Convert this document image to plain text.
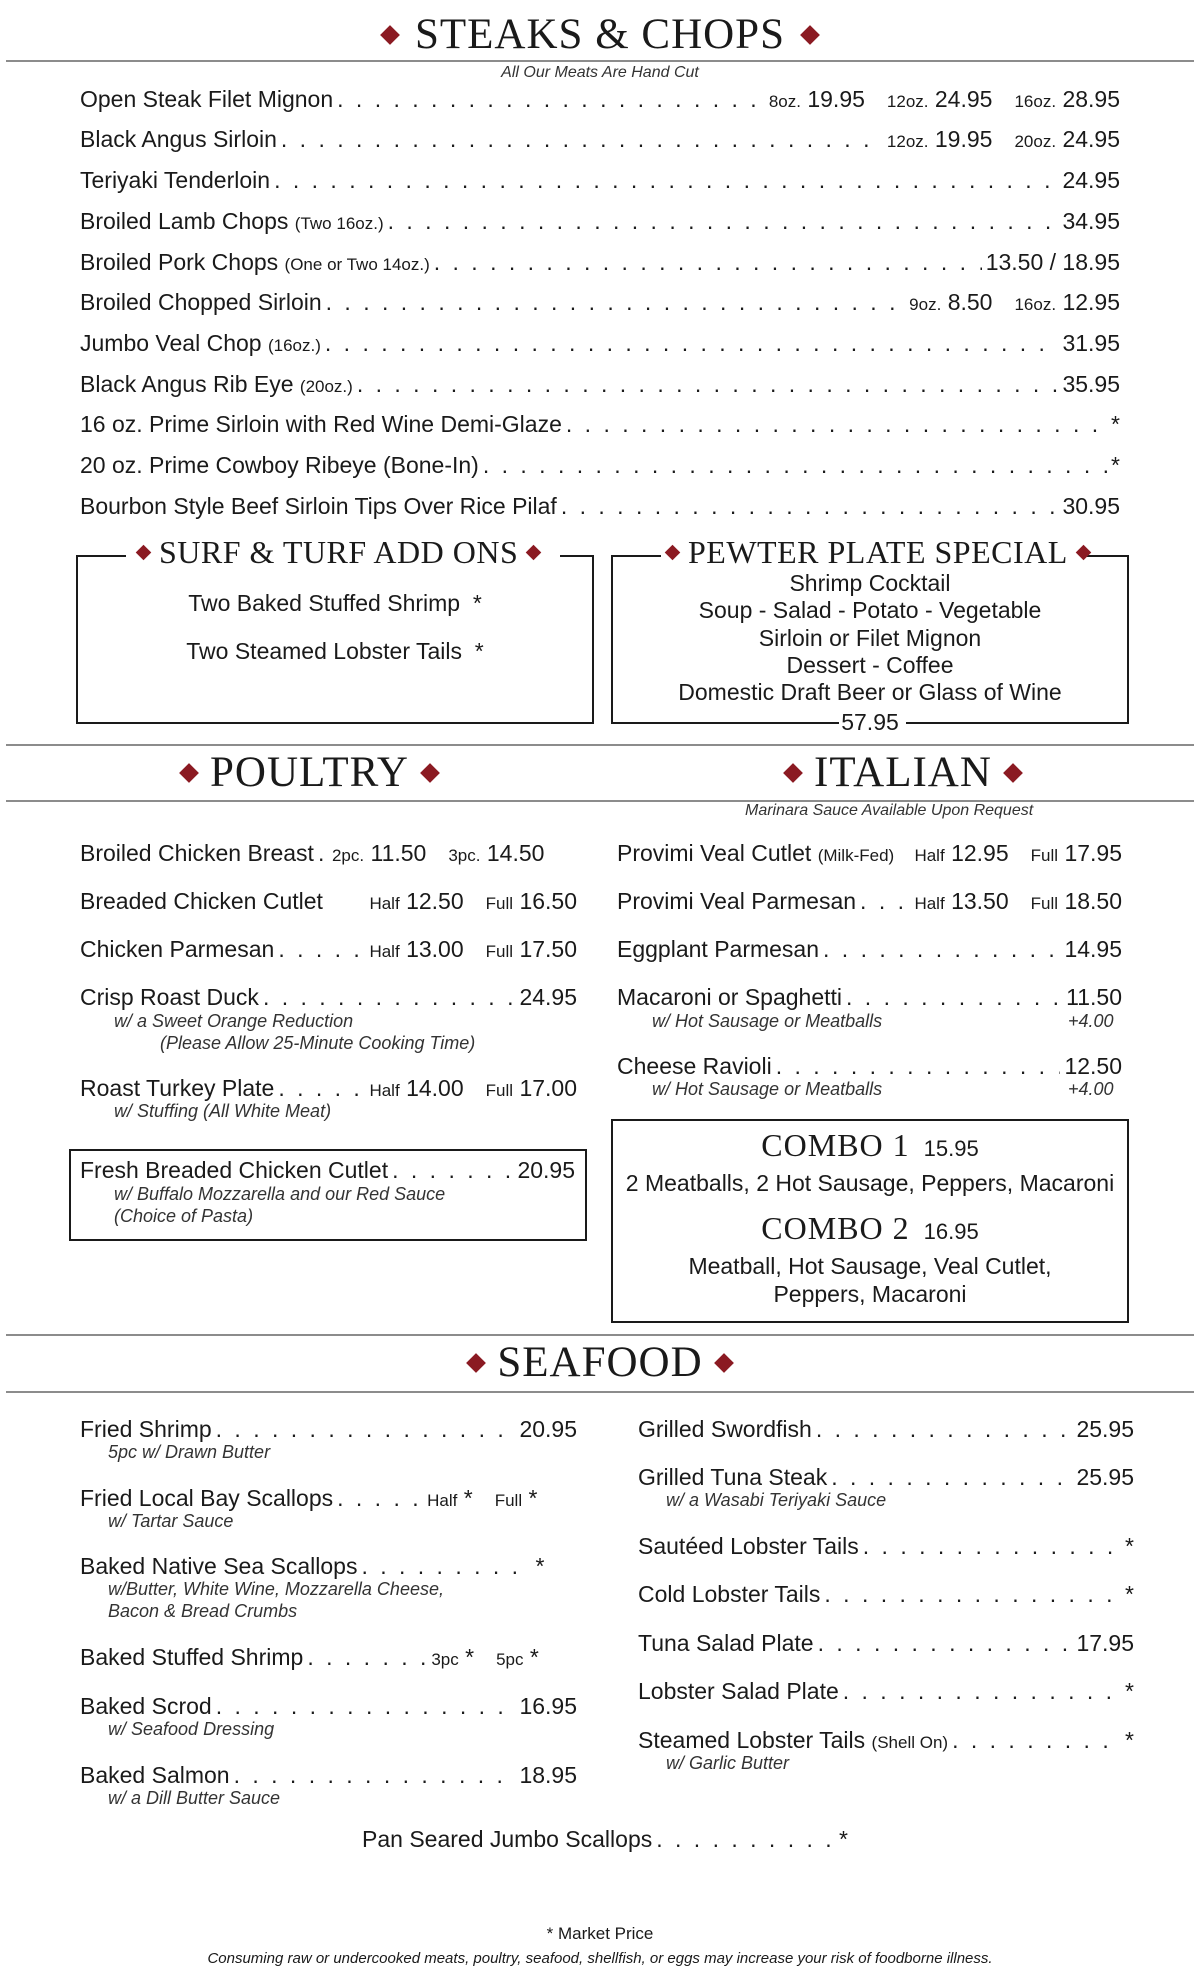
STEAKS & CHOPS
All Our Meats Are Hand Cut
Open Steak Filet Mignon . . .	8oz. 19.95 12oz. 24.95 16oz. 28.95
Black Angus Sirloin . . .	12oz. 19.95 20oz. 24.95
Teriyaki Tenderloin . . .	24.95
Broiled Lamb Chops (Two 16oz.) . . .	34.95
Broiled Pork Chops (One or Two 14oz.) . . .	13.50 / 18.95
Broiled Chopped Sirloin . . .	9oz. 8.50 16oz. 12.95
Jumbo Veal Chop (16oz.) . . .	31.95
Black Angus Rib Eye (20oz.) . . .	35.95
16 oz. Prime Sirloin with Red Wine Demi-Glaze . . .	*
20 oz. Prime Cowboy Ribeye (Bone-In) . . .	*
Bourbon Style Beef Sirloin Tips Over Rice Pilaf . . .	30.95
SURF & TURF ADD ONS
Two Baked Stuffed Shrimp *
Two Steamed Lobster Tails *
PEWTER PLATE SPECIAL
Shrimp Cocktail
Soup - Salad - Potato - Vegetable
Sirloin or Filet Mignon
Dessert - Coffee
Domestic Draft Beer or Glass of Wine
57.95
POULTRY	ITALIAN
Marinara Sauce Available Upon Request
Broiled Chicken Breast . . . 2pc. 11.50 3pc. 14.50
Breaded Chicken Cutlet	Half 12.50 Full 16.50
Chicken Parmesan . . .	Half 13.00 Full 17.50
Crisp Roast Duck . . .	24.95
w/ a Sweet Orange Reduction
(Please Allow 25-Minute Cooking Time)
Roast Turkey Plate . . .	Half 14.00 Full 17.00
w/ Stuffing (All White Meat)
Fresh Breaded Chicken Cutlet . . .	20.95
w/ Buffalo Mozzarella and our Red Sauce
(Choice of Pasta)
Provimi Veal Cutlet (Milk-Fed) Half 12.95 Full 17.95
Provimi Veal Parmesan . . .	Half 13.50 Full 18.50
Eggplant Parmesan . . .	14.95
Macaroni or Spaghetti . . .	11.50
w/ Hot Sausage or Meatballs	+4.00
Cheese Ravioli . . .	12.50
w/ Hot Sausage or Meatballs	+4.00
COMBO 1 15.95
2 Meatballs, 2 Hot Sausage, Peppers, Macaroni
COMBO 2 16.95
Meatball, Hot Sausage, Veal Cutlet,
Peppers, Macaroni
SEAFOOD
Fried Shrimp . . .	20.95
5pc w/ Drawn Butter
Fried Local Bay Scallops . . .	Half * Full *
w/ Tartar Sauce
Baked Native Sea Scallops . . .	*
w/Butter, White Wine, Mozzarella Cheese,
Bacon & Bread Crumbs
Baked Stuffed Shrimp . . .	3pc * 5pc *
Baked Scrod . . .	16.95
w/ Seafood Dressing
Baked Salmon . . .	18.95
w/ a Dill Butter Sauce
Grilled Swordfish . . .	25.95
Grilled Tuna Steak . . .	25.95
w/ a Wasabi Teriyaki Sauce
Sautéed Lobster Tails . . .	*
Cold Lobster Tails . . .	*
Tuna Salad Plate . . .	17.95
Lobster Salad Plate . . .	*
Steamed Lobster Tails (Shell On) . . .	*
w/ Garlic Butter
Pan Seared Jumbo Scallops . . .	*
* Market Price
Consuming raw or undercooked meats, poultry, seafood, shellfish, or eggs may increase your risk of foodborne illness.
